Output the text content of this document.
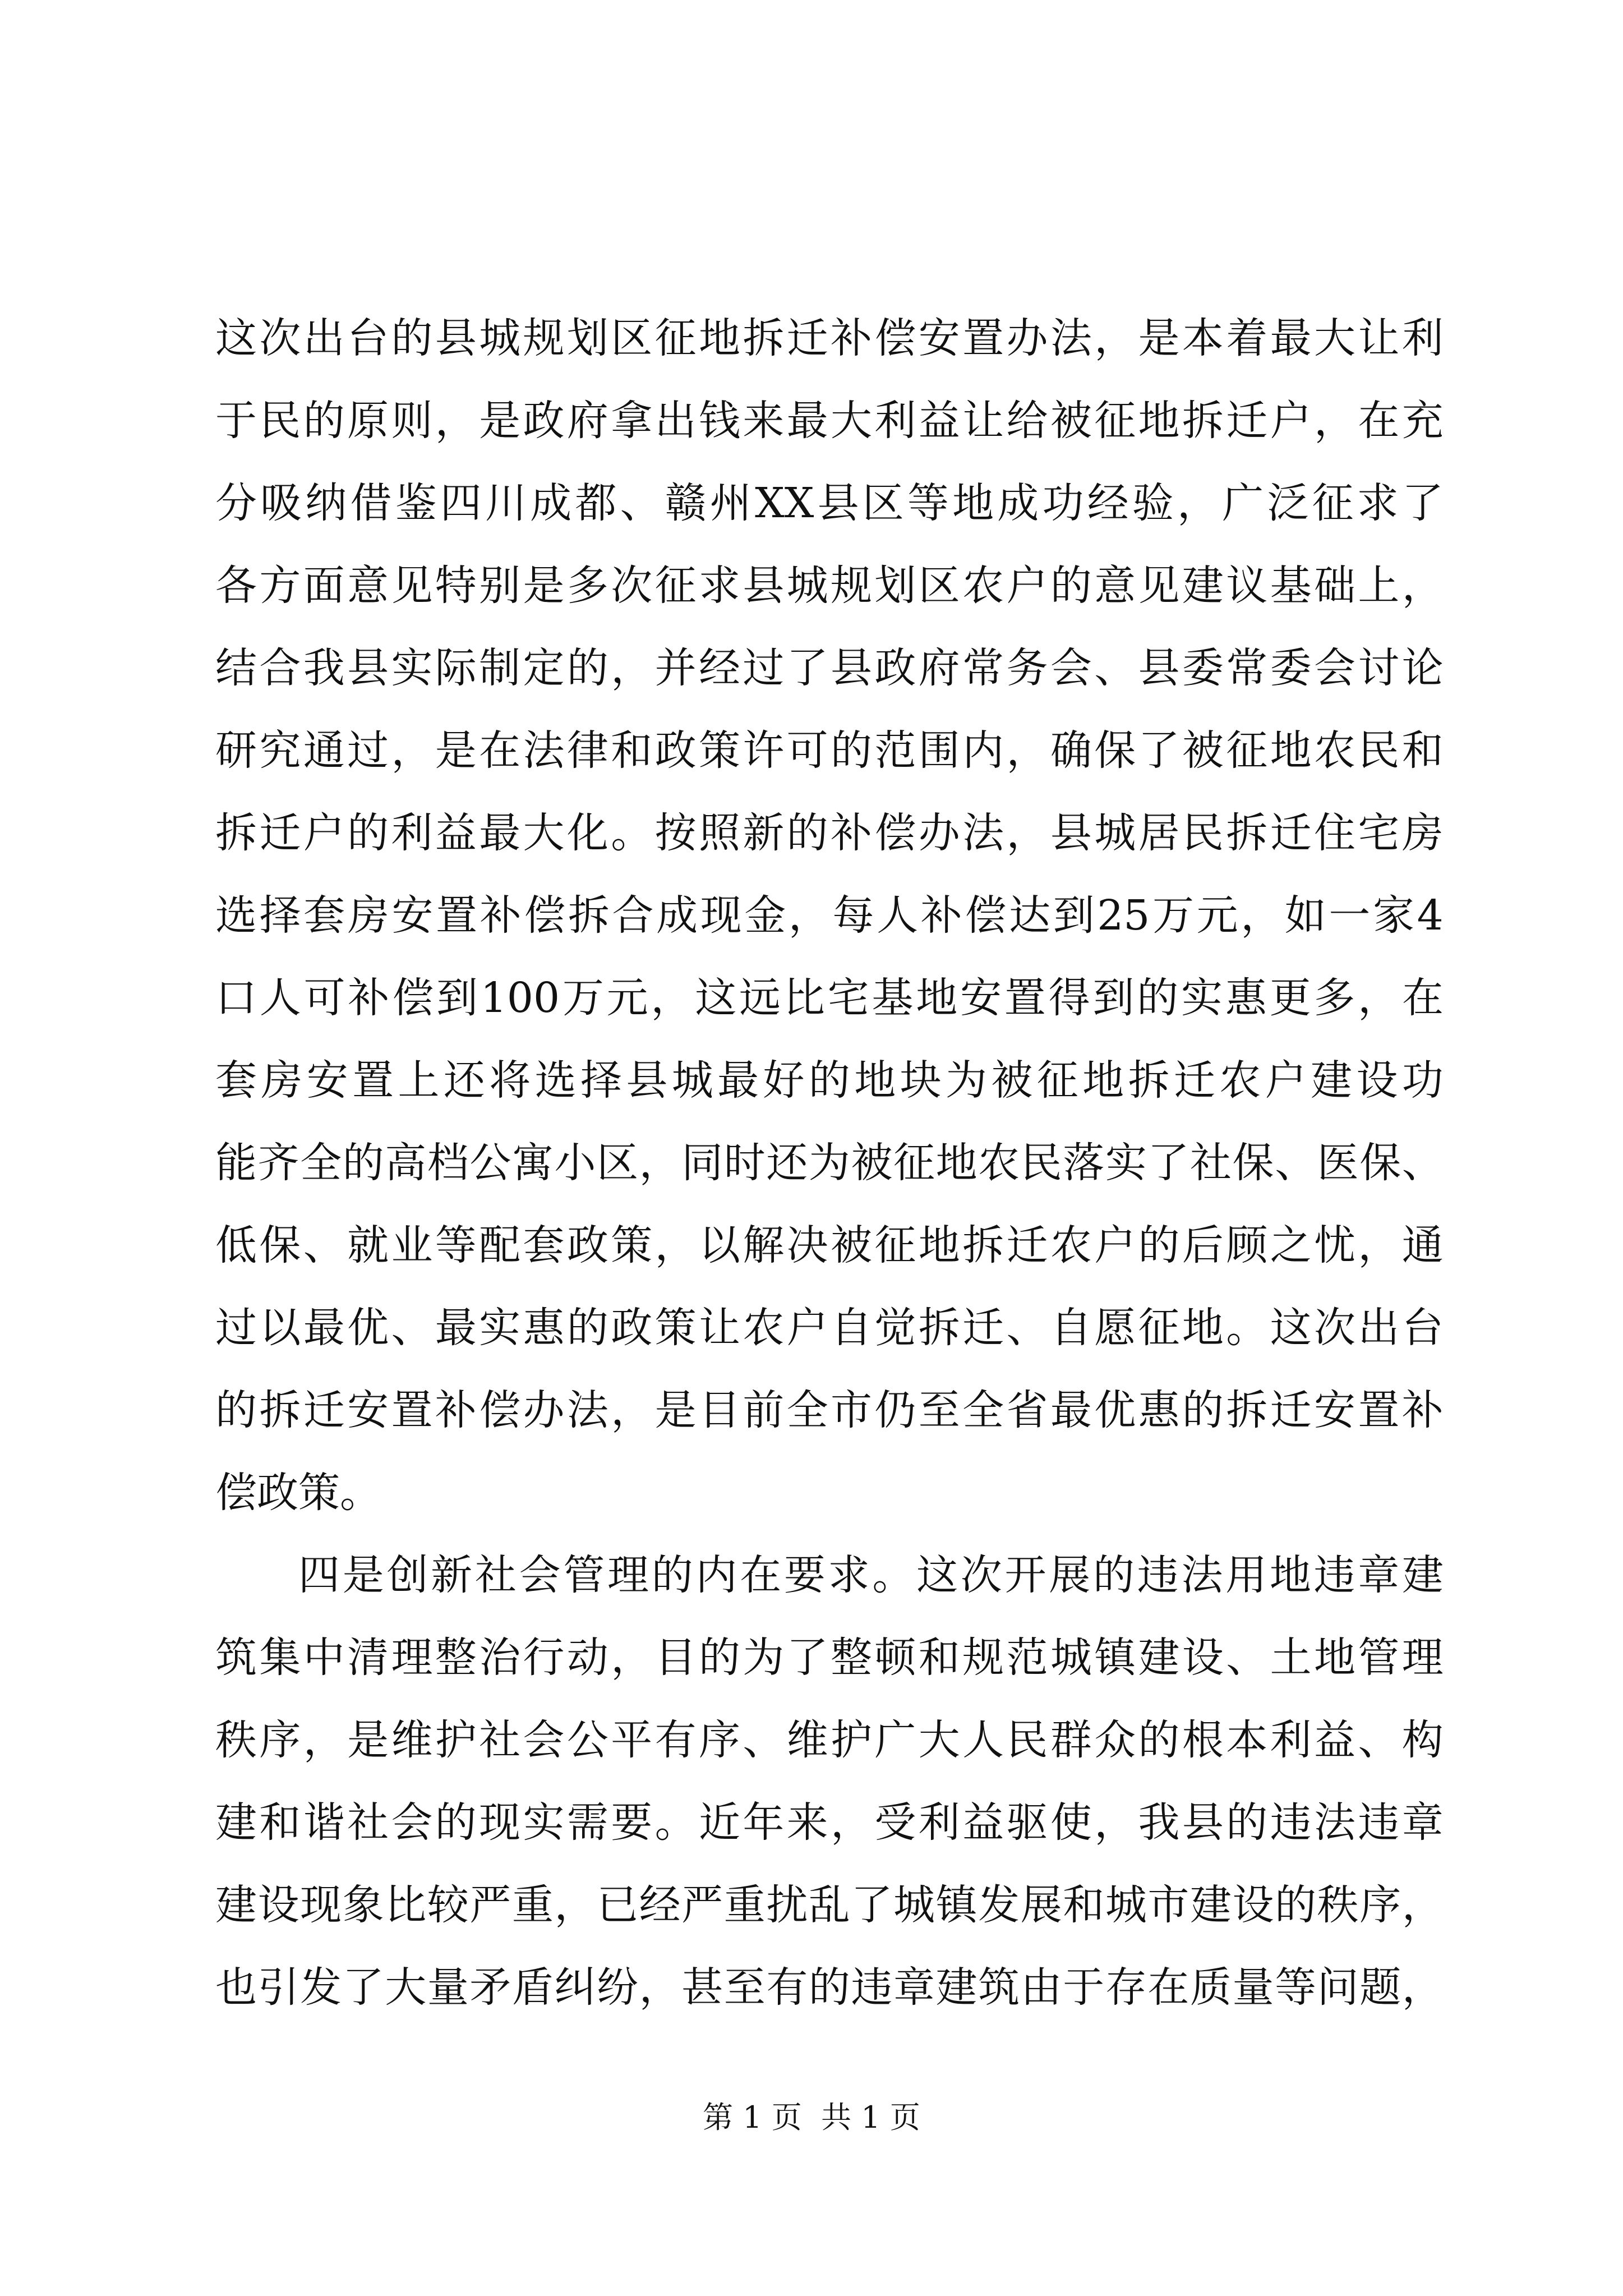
这 次 出 台 的 县 城 规 划 区 征 地 拆 迁 补 偿 安 置 办 法 ， 是 本 着 最 大 让 利
于 民 的 原 则 ， 是 政 府 拿 出 钱 来 最 大 利 益 让 给 被 征 地 拆 迁 户 ， 在 充
分 吸 纳 借 鉴 四 川 成 都 、 赣 州 XX 县 区 等 地 成 功 经 验 ， 广 泛 征 求 了
各 方 面 意 见 特 别 是 多 次 征 求 县 城 规 划 区 农 户 的 意 见 建 议 基 础 上 ，
结 合 我 县 实 际 制 定 的 ， 并 经 过 了 县 政 府 常 务 会 、 县 委 常 委 会 讨 论
研 究 通 过 ， 是 在 法 律 和 政 策 许 可 的 范 围 内 ， 确 保 了 被 征 地 农 民 和
拆 迁 户 的 利 益 最 大 化 。 按 照 新 的 补 偿 办 法 ， 县 城 居 民 拆 迁 住 宅 房
选 择 套 房 安 置 补 偿 拆 合 成 现 金 ， 每 人 补 偿 达 到 25 万 元 ， 如 一 家 4
口 人 可 补 偿 到 100 万 元 ， 这 远 比 宅 基 地 安 置 得 到 的 实 惠 更 多 ， 在
套 房 安 置 上 还 将 选 择 县 城 最 好 的 地 块 为 被 征 地 拆 迁 农 户 建 设 功
能 齐 全 的 高 档 公 寓 小 区 ， 同 时 还 为 被 征 地 农 民 落 实 了 社 保 、 医 保 、
低 保 、 就 业 等 配 套 政 策 ， 以 解 决 被 征 地 拆 迁 农 户 的 后 顾 之 忧 ， 通
过 以 最 优 、 最 实 惠 的 政 策 让 农 户 自 觉 拆 迁 、 自 愿 征 地 。 这 次 出 台
的 拆 迁 安 置 补 偿 办 法 ， 是 目 前 全 市 仍 至 全 省 最 优 惠 的 拆 迁 安 置 补
偿政策。
四 是 创 新 社 会 管 理 的 内 在 要 求 。 这 次 开 展 的 违 法 用 地 违 章 建
筑 集 中 清 理 整 治 行 动 ， 目 的 为 了 整 顿 和 规 范 城 镇 建 设 、 土 地 管 理
秩 序 ， 是 维 护 社 会 公 平 有 序 、 维 护 广 大 人 民 群 众 的 根 本 利 益 、 构
建 和 谐 社 会 的 现 实 需 要 。 近 年 来 ， 受 利 益 驱 使 ， 我 县 的 违 法 违 章
建 设 现 象 比 较 严 重 ， 已 经 严 重 扰 乱 了 城 镇 发 展 和 城 市 建 设 的 秩 序 ，
也 引 发 了 大 量 矛 盾 纠 纷 ， 甚 至 有 的 违 章 建 筑 由 于 存 在 质 量 等 问 题 ，
第 1 页  共 1 页
